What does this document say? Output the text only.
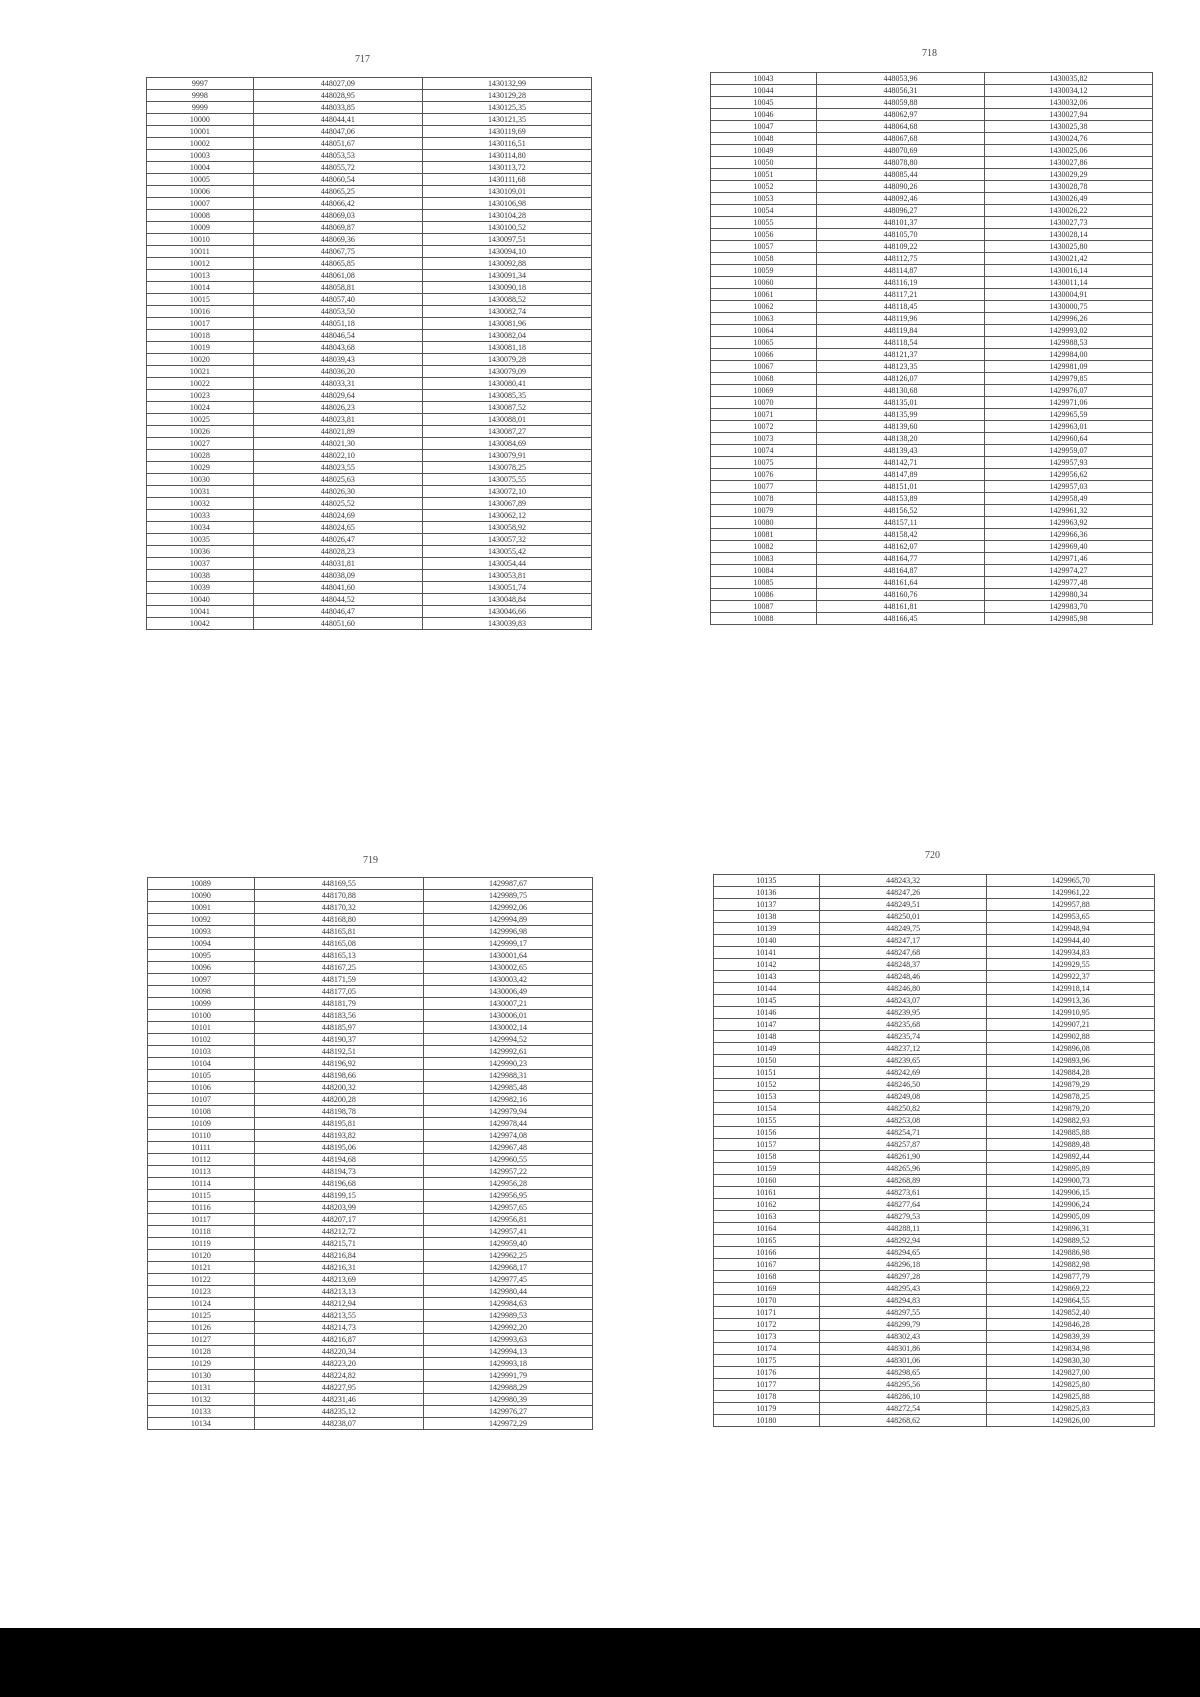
717
9997	448027,09	1430132,99
9998	448028,95	1430129,28
9999	448033,85	1430125,35
10000	448044,41	1430121,35
10001	448047,06	1430119,69
10002	448051,67	1430116,51
10003	448053,53	1430114,80
10004	448055,72	1430113,72
10005	448060,54	1430111,68
10006	448065,25	1430109,01
10007	448066,42	1430106,98
10008	448069,03	1430104,28
10009	448069,87	1430100,52
10010	448069,36	1430097,51
10011	448067,75	1430094,10
10012	448065,85	1430092,88
10013	448061,08	1430091,34
10014	448058,81	1430090,18
10015	448057,40	1430088,52
10016	448053,50	1430082,74
10017	448051,18	1430081,96
10018	448046,54	1430082,04
10019	448043,68	1430081,18
10020	448039,43	1430079,28
10021	448036,20	1430079,09
10022	448033,31	1430080,41
10023	448029,64	1430085,35
10024	448026,23	1430087,52
10025	448023,81	1430088,01
10026	448021,89	1430087,27
10027	448021,30	1430084,69
10028	448022,10	1430079,91
10029	448023,55	1430078,25
10030	448025,63	1430075,55
10031	448026,30	1430072,10
10032	448025,52	1430067,89
10033	448024,69	1430062,12
10034	448024,65	1430058,92
10035	448026,47	1430057,32
10036	448028,23	1430055,42
10037	448031,81	1430054,44
10038	448038,09	1430053,81
10039	448041,60	1430051,74
10040	448044,52	1430048,84
10041	448046,47	1430046,66
10042	448051,60	1430039,83
718
10043	448053,96	1430035,82
10044	448056,31	1430034,12
10045	448059,88	1430032,06
10046	448062,97	1430027,94
10047	448064,68	1430025,38
10048	448067,68	1430024,76
10049	448070,69	1430025,06
10050	448078,80	1430027,86
10051	448085,44	1430029,29
10052	448090,26	1430028,78
10053	448092,46	1430026,49
10054	448096,27	1430026,22
10055	448101,37	1430027,73
10056	448105,70	1430028,14
10057	448109,22	1430025,80
10058	448112,75	1430021,42
10059	448114,87	1430016,14
10060	448116,19	1430011,14
10061	448117,21	1430004,91
10062	448118,45	1430000,75
10063	448119,96	1429996,26
10064	448119,84	1429993,02
10065	448118,54	1429988,53
10066	448121,37	1429984,00
10067	448123,35	1429981,09
10068	448126,07	1429979,85
10069	448130,68	1429976,07
10070	448135,01	1429971,06
10071	448135,99	1429965,59
10072	448139,60	1429963,01
10073	448138,20	1429960,64
10074	448139,43	1429959,07
10075	448142,71	1429957,93
10076	448147,89	1429956,62
10077	448151,01	1429957,03
10078	448153,89	1429958,49
10079	448156,52	1429961,32
10080	448157,11	1429963,92
10081	448158,42	1429966,36
10082	448162,07	1429969,40
10083	448164,77	1429971,46
10084	448164,87	1429974,27
10085	448161,64	1429977,48
10086	448160,76	1429980,34
10087	448161,81	1429983,70
10088	448166,45	1429985,98
719
10089	448169,55	1429987,67
10090	448170,88	1429989,75
10091	448170,32	1429992,06
10092	448168,80	1429994,89
10093	448165,81	1429996,98
10094	448165,08	1429999,17
10095	448165,13	1430001,64
10096	448167,25	1430002,65
10097	448171,59	1430003,42
10098	448177,05	1430006,49
10099	448181,79	1430007,21
10100	448183,56	1430006,01
10101	448185,97	1430002,14
10102	448190,37	1429994,52
10103	448192,51	1429992,61
10104	448196,92	1429990,23
10105	448198,66	1429988,31
10106	448200,32	1429985,48
10107	448200,28	1429982,16
10108	448198,78	1429979,94
10109	448195,81	1429978,44
10110	448193,82	1429974,08
10111	448195,06	1429967,48
10112	448194,68	1429960,55
10113	448194,73	1429957,22
10114	448196,68	1429956,28
10115	448199,15	1429956,95
10116	448203,99	1429957,65
10117	448207,17	1429956,81
10118	448212,72	1429957,41
10119	448215,71	1429959,40
10120	448216,84	1429962,25
10121	448216,31	1429968,17
10122	448213,69	1429977,45
10123	448213,13	1429980,44
10124	448212,94	1429984,63
10125	448213,55	1429989,53
10126	448214,73	1429992,20
10127	448216,87	1429993,63
10128	448220,34	1429994,13
10129	448223,20	1429993,18
10130	448224,82	1429991,79
10131	448227,95	1429988,29
10132	448231,46	1429980,39
10133	448235,12	1429976,27
10134	448238,07	1429972,29
720
10135	448243,32	1429965,70
10136	448247,26	1429961,22
10137	448249,51	1429957,88
10138	448250,01	1429953,65
10139	448249,75	1429948,94
10140	448247,17	1429944,40
10141	448247,68	1429934,83
10142	448248,37	1429929,55
10143	448248,46	1429922,37
10144	448246,80	1429918,14
10145	448243,07	1429913,36
10146	448239,95	1429910,95
10147	448235,68	1429907,21
10148	448235,74	1429902,88
10149	448237,12	1429896,08
10150	448239,65	1429893,96
10151	448242,69	1429884,28
10152	448246,50	1429879,29
10153	448249,08	1429878,25
10154	448250,82	1429879,20
10155	448253,08	1429882,93
10156	448254,71	1429885,88
10157	448257,87	1429889,48
10158	448261,90	1429892,44
10159	448265,96	1429895,89
10160	448268,89	1429900,73
10161	448273,61	1429906,15
10162	448277,64	1429906,24
10163	448279,53	1429905,09
10164	448288,11	1429896,31
10165	448292,94	1429889,52
10166	448294,65	1429886,98
10167	448296,18	1429882,98
10168	448297,28	1429877,79
10169	448295,43	1429869,22
10170	448294,83	1429864,55
10171	448297,55	1429852,40
10172	448299,79	1429846,28
10173	448302,43	1429839,39
10174	448301,86	1429834,98
10175	448301,06	1429830,30
10176	448298,65	1429827,00
10177	448295,56	1429825,80
10178	448286,10	1429825,88
10179	448272,54	1429825,83
10180	448268,62	1429826,00
